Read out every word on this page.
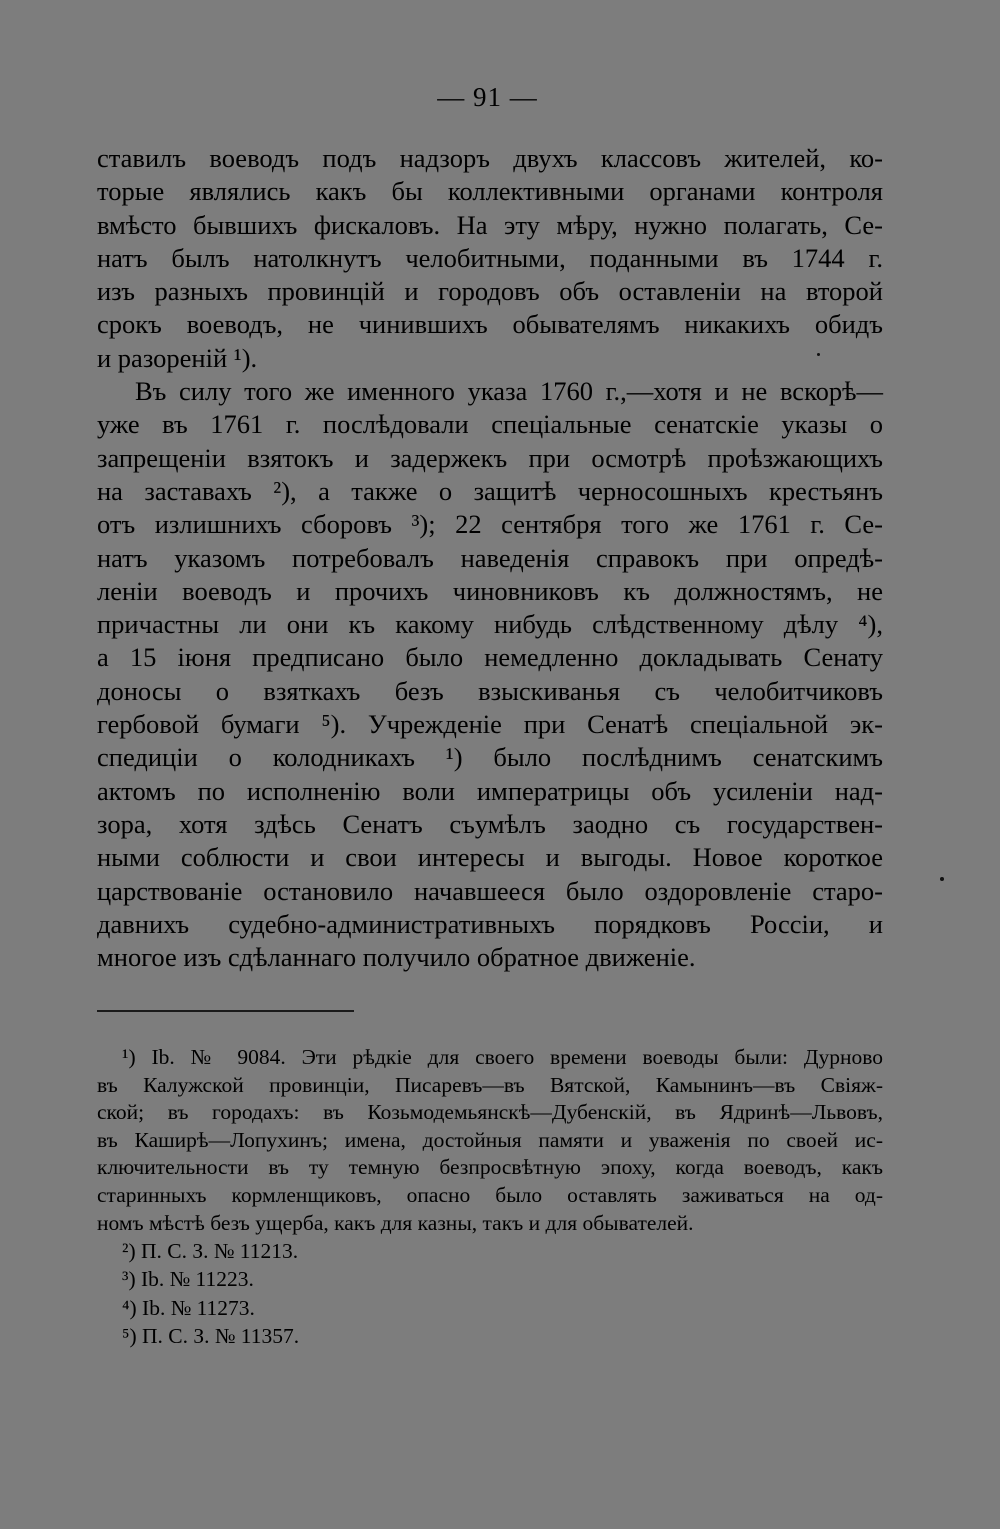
— 91 —
ставилъ воеводъ подъ надзоръ двухъ классовъ жителей, ко-
торые являлись какъ бы коллективными органами контроля
вмѣсто бывшихъ фискаловъ. На эту мѣру, нужно полагать, Се-
натъ былъ натолкнутъ челобитными, поданными въ 1744 г.
изъ разныхъ провинцій и городовъ объ оставленіи на второй
срокъ воеводъ, не чинившихъ обывателямъ никакихъ обидъ
и разореній ¹).
Въ силу того же именного указа 1760 г.,—хотя и не вскорѣ—
уже въ 1761 г. послѣдовали спеціальные сенатскіе указы о
запрещеніи взятокъ и задержекъ при осмотрѣ проѣзжающихъ
на заставахъ ²), а также о защитѣ черносошныхъ крестьянъ
отъ излишнихъ сборовъ ³); 22 сентября того же 1761 г. Се-
натъ указомъ потребовалъ наведенія справокъ при опредѣ-
леніи воеводъ и прочихъ чиновниковъ къ должностямъ, не
причастны ли они къ какому нибудь слѣдственному дѣлу ⁴),
а 15 іюня предписано было немедленно докладывать Сенату
доносы о взяткахъ безъ взыскиванья съ челобитчиковъ
гербовой бумаги ⁵). Учрежденіе при Сенатѣ спеціальной эк-
спедиціи о колодникахъ ¹) было послѣднимъ сенатскимъ
актомъ по исполненію воли императрицы объ усиленіи над-
зора, хотя здѣсь Сенатъ съумѣлъ заодно съ государствен-
ными соблюсти и свои интересы и выгоды. Новое короткое
царствованіе остановило начавшееся было оздоровленіе старо-
давнихъ судебно-административныхъ порядковъ Россіи, и
многое изъ сдѣланнаго получило обратное движеніе.
¹) Ib. № 9084. Эти рѣдкіе для своего времени воеводы были: Дурново
въ Калужской провинціи, Писаревъ—въ Вятской, Камынинъ—въ Свіяж-
ской; въ городахъ: въ Козьмодемьянскѣ—Дубенскій, въ Ядринѣ—Львовъ,
въ Каширѣ—Лопухинъ; имена, достойныя памяти и уваженія по своей ис-
ключительности въ ту темную безпросвѣтную эпоху, когда воеводъ, какъ
старинныхъ кормленщиковъ, опасно было оставлять заживаться на од-
номъ мѣстѣ безъ ущерба, какъ для казны, такъ и для обывателей.
²) П. С. З. № 11213.
³) Ib. № 11223.
⁴) Ib. № 11273.
⁵) П. С. З. № 11357.
